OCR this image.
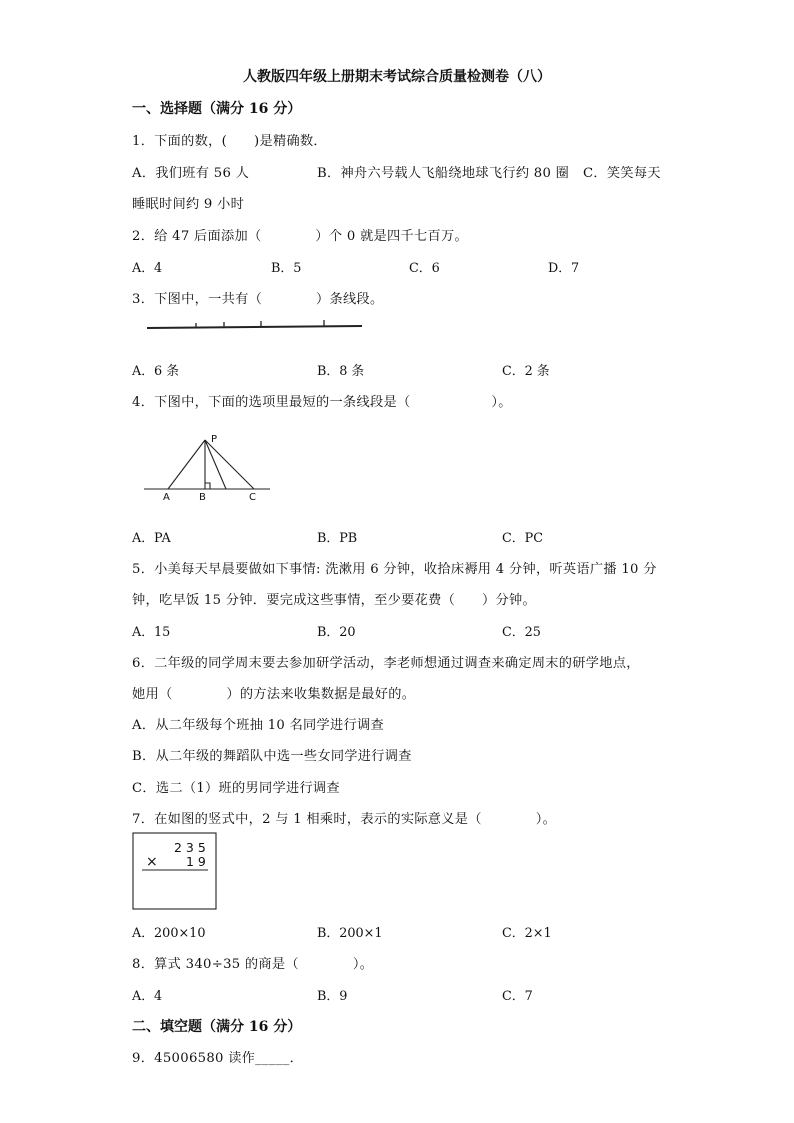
人教版四年级上册期末考试综合质量检测卷（八）
一、选择题（满分 16 分）
1．下面的数，(　　)是精确数．
A．我们班有 56 人	B．神舟六号载人飞船绕地球飞行约 80 圈 C．笑笑每天
睡眠时间约 9 小时
2．给 47 后面添加（　　　　）个 0 就是四千七百万。
A．4	B．5	C．6	D．7
3．下图中，一共有（　　　　）条线段。
A．6 条	B．8 条	C．2 条
4．下图中，下面的选项里最短的一条线段是（　　　　　　）。
P
A	B	C
A．PA	B．PB	C．PC
5．小美每天早晨要做如下事情: 洗漱用 6 分钟，收拾床褥用 4 分钟，听英语广播 10 分
钟，吃早饭 15 分钟．要完成这些事情，至少要花费（　　）分钟。
A．15	B．20	C．25
6．二年级的同学周末要去参加研学活动，李老师想通过调查来确定周末的研学地点，
她用（　　　　）的方法来收集数据是最好的。
A．从二年级每个班抽 10 名同学进行调查
B．从二年级的舞蹈队中选一些女同学进行调查
C．选二（1）班的男同学进行调查
7．在如图的竖式中，2 与 1 相乘时，表示的实际意义是（　　　　）。
2 3 5
× 1 9
A．200×10	B．200×1	C．2×1
8．算式 340÷35 的商是（　　　　）。
A．4	B．9	C．7
二、填空题（满分 16 分）
9．45006580 读作_____．
